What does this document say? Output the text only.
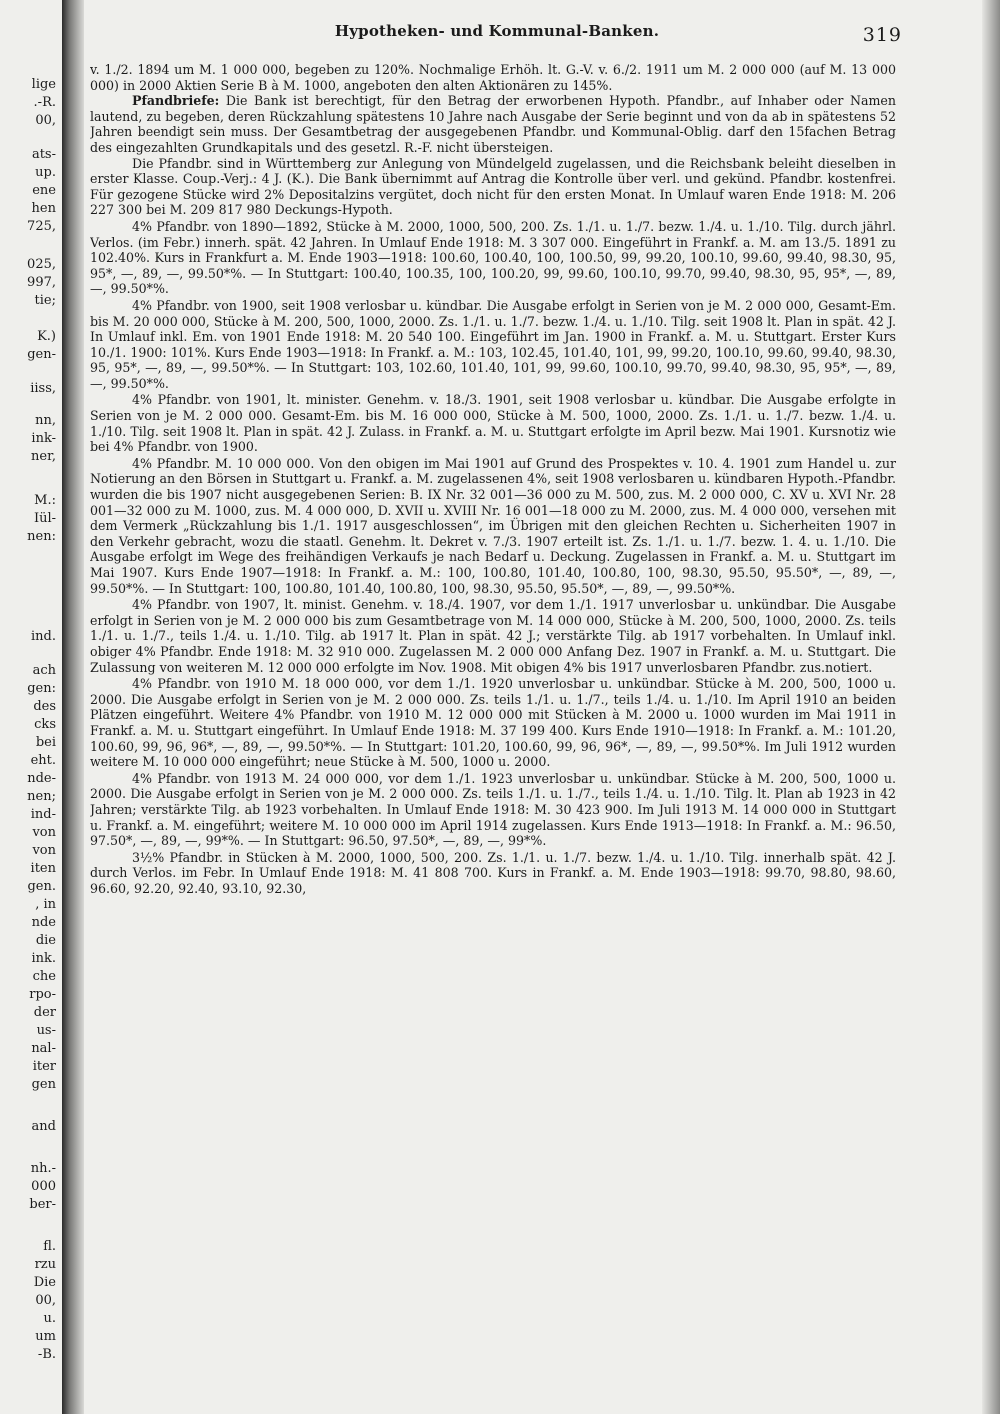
lige
.-R.
00,
ats-
up.
ene
hen
725,
025,
997,
tie;
K.)
gen-
iiss,
nn,
ink-
ner,
M.:
Iül-
nen:
ind.
ach
gen:
des
cks
bei
eht.
nde-
nen;
ind-
von
von
iten
gen.
, in
nde
die
ink.
che
rpo-
der
us-
nal-
iter
gen
and
nh.-
000
ber-
fl.
rzu
Die
00,
u.
um
-B.
Hypotheken- und Kommunal-Banken.	319

v. 1./2. 1894 um M. 1 000 000, begeben zu 120%. Nochmalige Erhöh. lt. G.-V. v. 6./2. 1911 um M. 2 000 000 (auf M. 13 000 000) in 2000 Aktien Serie B à M. 1000, angeboten den alten Aktionären zu 145%.

Pfandbriefe: Die Bank ist berechtigt, für den Betrag der erworbenen Hypoth. Pfandbr., auf Inhaber oder Namen lautend, zu begeben, deren Rückzahlung spätestens 10 Jahre nach Ausgabe der Serie beginnt und von da ab in spätestens 52 Jahren beendigt sein muss. Der Gesamtbetrag der ausgegebenen Pfandbr. und Kommunal-Oblig. darf den 15fachen Betrag des eingezahlten Grundkapitals und des gesetzl. R.-F. nicht übersteigen.

Die Pfandbr. sind in Württemberg zur Anlegung von Mündelgeld zugelassen, und die Reichsbank beleiht dieselben in erster Klasse. Coup.-Verj.: 4 J. (K.). Die Bank übernimmt auf Antrag die Kontrolle über verl. und gekünd. Pfandbr. kostenfrei. Für gezogene Stücke wird 2% Depositalzins vergütet, doch nicht für den ersten Monat. In Umlauf waren Ende 1918: M. 206 227 300 bei M. 209 817 980 Deckungs-Hypoth.

4% Pfandbr. von 1890—1892, Stücke à M. 2000, 1000, 500, 200. Zs. 1./1. u. 1./7. bezw. 1./4. u. 1./10. Tilg. durch jährl. Verlos. (im Febr.) innerh. spät. 42 Jahren. In Umlauf Ende 1918: M. 3 307 000. Eingeführt in Frankf. a. M. am 13./5. 1891 zu 102.40%. Kurs in Frankfurt a. M. Ende 1903—1918: 100.60, 100.40, 100, 100.50, 99, 99.20, 100.10, 99.60, 99.40, 98.30, 95, 95*, —, 89, —, 99.50*%. — In Stuttgart: 100.40, 100.35, 100, 100.20, 99, 99.60, 100.10, 99.70, 99.40, 98.30, 95, 95*, —, 89, —, 99.50*%.

4% Pfandbr. von 1900, seit 1908 verlosbar u. kündbar. Die Ausgabe erfolgt in Serien von je M. 2 000 000, Gesamt-Em. bis M. 20 000 000, Stücke à M. 200, 500, 1000, 2000. Zs. 1./1. u. 1./7. bezw. 1./4. u. 1./10. Tilg. seit 1908 lt. Plan in spät. 42 J. In Umlauf inkl. Em. von 1901 Ende 1918: M. 20 540 100. Eingeführt im Jan. 1900 in Frankf. a. M. u. Stuttgart. Erster Kurs 10./1. 1900: 101%. Kurs Ende 1903—1918: In Frankf. a. M.: 103, 102.45, 101.40, 101, 99, 99.20, 100.10, 99.60, 99.40, 98.30, 95, 95*, —, 89, —, 99.50*%. — In Stuttgart: 103, 102.60, 101.40, 101, 99, 99.60, 100.10, 99.70, 99.40, 98.30, 95, 95*, —, 89, —, 99.50*%.

4% Pfandbr. von 1901, lt. minister. Genehm. v. 18./3. 1901, seit 1908 verlosbar u. kündbar. Die Ausgabe erfolgte in Serien von je M. 2 000 000. Gesamt-Em. bis M. 16 000 000, Stücke à M. 500, 1000, 2000. Zs. 1./1. u. 1./7. bezw. 1./4. u. 1./10. Tilg. seit 1908 lt. Plan in spät. 42 J. Zulass. in Frankf. a. M. u. Stuttgart erfolgte im April bezw. Mai 1901. Kursnotiz wie bei 4% Pfandbr. von 1900.

4% Pfandbr. M. 10 000 000. Von den obigen im Mai 1901 auf Grund des Prospektes v. 10. 4. 1901 zum Handel u. zur Notierung an den Börsen in Stuttgart u. Frankf. a. M. zugelassenen 4%, seit 1908 verlosbaren u. kündbaren Hypoth.-Pfandbr. wurden die bis 1907 nicht ausgegebenen Serien: B. IX Nr. 32 001—36 000 zu M. 500, zus. M. 2 000 000, C. XV u. XVI Nr. 28 001—32 000 zu M. 1000, zus. M. 4 000 000, D. XVII u. XVIII Nr. 16 001—18 000 zu M. 2000, zus. M. 4 000 000, versehen mit dem Vermerk „Rückzahlung bis 1./1. 1917 ausgeschlossen“, im Übrigen mit den gleichen Rechten u. Sicherheiten 1907 in den Verkehr gebracht, wozu die staatl. Genehm. lt. Dekret v. 7./3. 1907 erteilt ist. Zs. 1./1. u. 1./7. bezw. 1. 4. u. 1./10. Die Ausgabe erfolgt im Wege des freihändigen Verkaufs je nach Bedarf u. Deckung. Zugelassen in Frankf. a. M. u. Stuttgart im Mai 1907. Kurs Ende 1907—1918: In Frankf. a. M.: 100, 100.80, 101.40, 100.80, 100, 98.30, 95.50, 95.50*, —, 89, —, 99.50*%. — In Stuttgart: 100, 100.80, 101.40, 100.80, 100, 98.30, 95.50, 95.50*, —, 89, —, 99.50*%.

4% Pfandbr. von 1907, lt. minist. Genehm. v. 18./4. 1907, vor dem 1./1. 1917 unverlosbar u. unkündbar. Die Ausgabe erfolgt in Serien von je M. 2 000 000 bis zum Gesamtbetrage von M. 14 000 000, Stücke à M. 200, 500, 1000, 2000. Zs. teils 1./1. u. 1./7., teils 1./4. u. 1./10. Tilg. ab 1917 lt. Plan in spät. 42 J.; verstärkte Tilg. ab 1917 vorbehalten. In Umlauf inkl. obiger 4% Pfandbr. Ende 1918: M. 32 910 000. Zugelassen M. 2 000 000 Anfang Dez. 1907 in Frankf. a. M. u. Stuttgart. Die Zulassung von weiteren M. 12 000 000 erfolgte im Nov. 1908. Mit obigen 4% bis 1917 unverlosbaren Pfandbr. zus.notiert.

4% Pfandbr. von 1910 M. 18 000 000, vor dem 1./1. 1920 unverlosbar u. unkündbar. Stücke à M. 200, 500, 1000 u. 2000. Die Ausgabe erfolgt in Serien von je M. 2 000 000. Zs. teils 1./1. u. 1./7., teils 1./4. u. 1./10. Im April 1910 an beiden Plätzen eingeführt. Weitere 4% Pfandbr. von 1910 M. 12 000 000 mit Stücken à M. 2000 u. 1000 wurden im Mai 1911 in Frankf. a. M. u. Stuttgart eingeführt. In Umlauf Ende 1918: M. 37 199 400. Kurs Ende 1910—1918: In Frankf. a. M.: 101.20, 100.60, 99, 96, 96*, —, 89, —, 99.50*%. — In Stuttgart: 101.20, 100.60, 99, 96, 96*, —, 89, —, 99.50*%. Im Juli 1912 wurden weitere M. 10 000 000 eingeführt; neue Stücke à M. 500, 1000 u. 2000.

4% Pfandbr. von 1913 M. 24 000 000, vor dem 1./1. 1923 unverlosbar u. unkündbar. Stücke à M. 200, 500, 1000 u. 2000. Die Ausgabe erfolgt in Serien von je M. 2 000 000. Zs. teils 1./1. u. 1./7., teils 1./4. u. 1./10. Tilg. lt. Plan ab 1923 in 42 Jahren; verstärkte Tilg. ab 1923 vorbehalten. In Umlauf Ende 1918: M. 30 423 900. Im Juli 1913 M. 14 000 000 in Stuttgart u. Frankf. a. M. eingeführt; weitere M. 10 000 000 im April 1914 zugelassen. Kurs Ende 1913—1918: In Frankf. a. M.: 96.50, 97.50*, —, 89, —, 99*%. — In Stuttgart: 96.50, 97.50*, —, 89, —, 99*%.

3½% Pfandbr. in Stücken à M. 2000, 1000, 500, 200. Zs. 1./1. u. 1./7. bezw. 1./4. u. 1./10. Tilg. innerhalb spät. 42 J. durch Verlos. im Febr. In Umlauf Ende 1918: M. 41 808 700. Kurs in Frankf. a. M. Ende 1903—1918: 99.70, 98.80, 98.60, 96.60, 92.20, 92.40, 93.10, 92.30,
